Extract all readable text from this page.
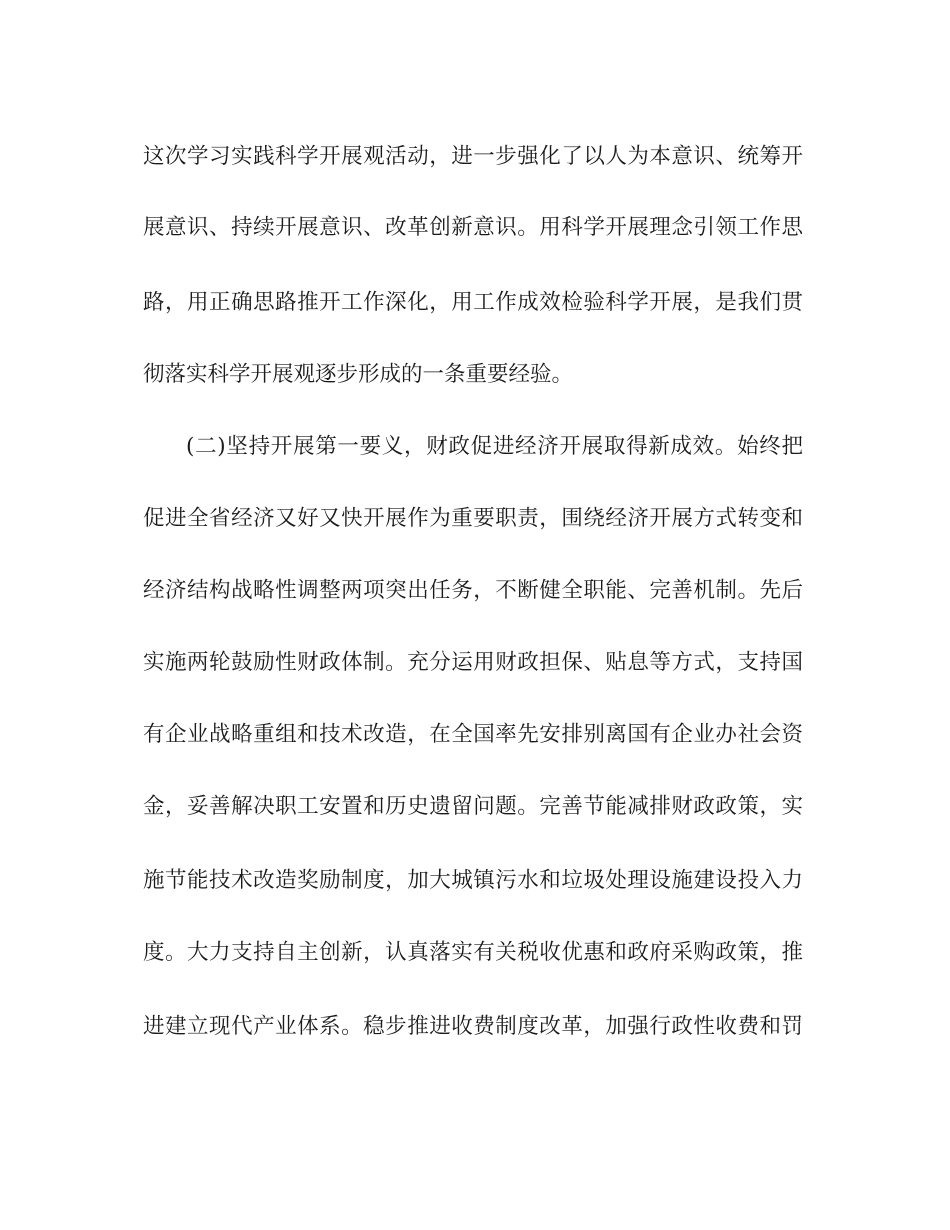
这次学习实践科学开展观活动，进一步强化了以人为本意识、统筹开
展意识、持续开展意识、改革创新意识。用科学开展理念引领工作思
路，用正确思路推开工作深化，用工作成效检验科学开展，是我们贯
彻落实科学开展观逐步形成的一条重要经验。
(二)坚持开展第一要义，财政促进经济开展取得新成效。始终把
促进全省经济又好又快开展作为重要职责，围绕经济开展方式转变和
经济结构战略性调整两项突出任务，不断健全职能、完善机制。先后
实施两轮鼓励性财政体制。充分运用财政担保、贴息等方式，支持国
有企业战略重组和技术改造，在全国率先安排别离国有企业办社会资
金，妥善解决职工安置和历史遗留问题。完善节能减排财政政策，实
施节能技术改造奖励制度，加大城镇污水和垃圾处理设施建设投入力
度。大力支持自主创新，认真落实有关税收优惠和政府采购政策，推
进建立现代产业体系。稳步推进收费制度改革，加强行政性收费和罚
